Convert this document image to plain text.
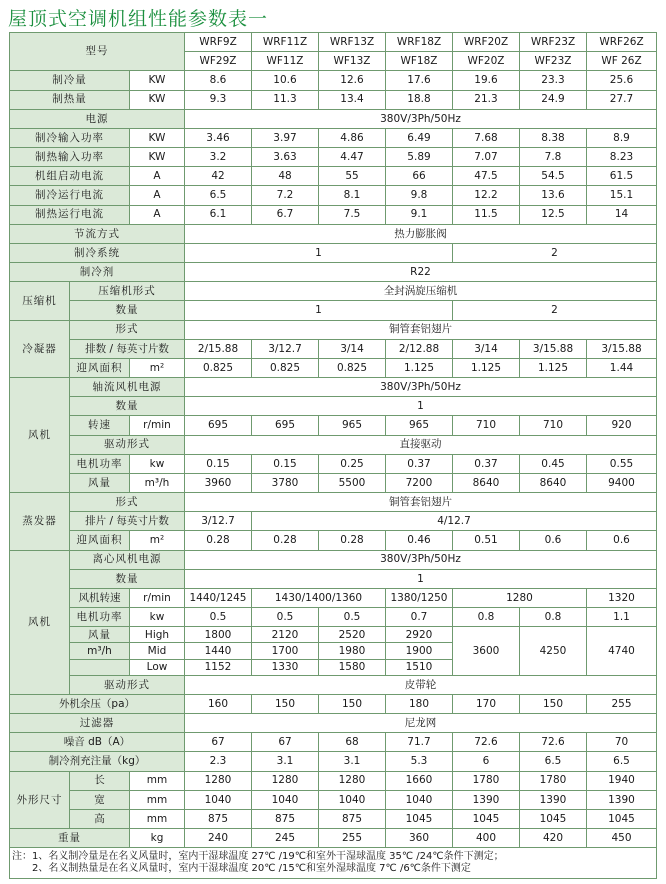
屋顶式空调机组性能参数表一
型号			WRF9Z	WRF11Z	WRF13Z	WRF18Z	WRF20Z	WRF23Z	WRF26Z
			WF29Z	WF11Z	WF13Z	WF18Z	WF20Z	WF23Z	WF 26Z
制冷量		KW	8.6	10.6	12.6	17.6	19.6	23.3	25.6
制热量		KW	9.3	11.3	13.4	18.8	21.3	24.9	27.7
电源			380V/3Ph/50Hz						
制冷输入功率		KW	3.46	3.97	4.86	6.49	7.68	8.38	8.9
制热输入功率		KW	3.2	3.63	4.47	5.89	7.07	7.8	8.23
机组启动电流		A	42	48	55	66	47.5	54.5	61.5
制冷运行电流		A	6.5	7.2	8.1	9.8	12.2	13.6	15.1
制热运行电流		A	6.1	6.7	7.5	9.1	11.5	12.5	14
节流方式			热力膨胀阀						
制冷系统			1				2		
制冷剂			R22						
压缩机	压缩机形式		全封涡旋压缩机						
	数量		1				2		
冷凝器	形式		铜管套铝翅片						
	排数 / 每英寸片数		2/15.88	3/12.7	3/14	2/12.88	3/14	3/15.88	3/15.88
	迎风面积	m²	0.825	0.825	0.825	1.125	1.125	1.125	1.44
风机	轴流风机电源		380V/3Ph/50Hz						
	数量		1						
	转速	r/min	695	695	965	965	710	710	920
	驱动形式		直接驱动						
	电机功率	kw	0.15	0.15	0.25	0.37	0.37	0.45	0.55
	风量	m³/h	3960	3780	5500	7200	8640	8640	9400
蒸发器	形式		铜管套铝翅片						
	排片 / 每英寸片数		3/12.7	4/12.7					
	迎风面积	m²	0.28	0.28	0.28	0.46	0.51	0.6	0.6
风机	离心风机电源		380V/3Ph/50Hz						
	数量		1						
	风机转速	r/min	1440/1245	1430/1400/1360		1380/1250	1280		1320
	电机功率	kw	0.5	0.5	0.5	0.7	0.8	0.8	1.1
	风量	High	1800	2120	2520	2920	3600	4250	4740
	m³/h	Mid	1440	1700	1980	1900			
		Low	1152	1330	1580	1510			
	驱动形式		皮带轮						
外机余压（pa）			160	150	150	180	170	150	255
过滤器			尼龙网						
噪音 dB（A）			67	67	68	71.7	72.6	72.6	70
制冷剂充注量（kg）			2.3	3.1	3.1	5.3	6	6.5	6.5
外形尺寸	长	mm	1280	1280	1280	1660	1780	1780	1940
	宽	mm	1040	1040	1040	1040	1390	1390	1390
	高	mm	875	875	875	1045	1045	1045	1045
重量		kg	240	245	255	360	400	420	450

注：1、名义制冷量是在名义风量时，室内干湿球温度 27℃ /19℃和室外干湿球温度 35℃ /24℃条件下测定；
　　2、名义制热量是在名义风量时，室内干湿球温度 20℃ /15℃和室外湿球温度 7℃ /6℃条件下测定									
